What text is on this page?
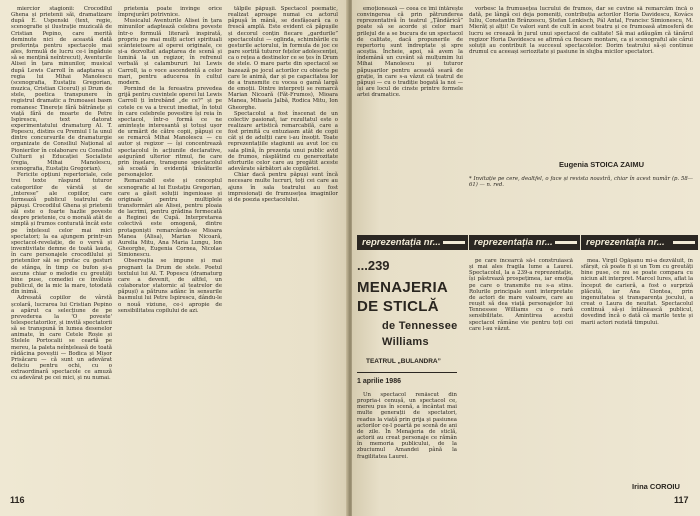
miercior stagionii: Crocodilul Ghena și prietenii săi, dramatizare după E. Uspenski (text, regie, scenografie și ilustrație muzicală de Cristian Pepino, care merită deminute nici de această dată preferința pentru spectacole mai ales, formulă de lucru ce-i îngăduie să se mențină neîntrecut), Aventurile Alisei în țara minunilor, musical după Lewis Carroll în adaptarea și regia lui Mihai Manolescu (scenografia, Eustațiu Gregorian, muzica, Cristian Cicerul) și Drum de stele, poetica transpunere în registrul dramatic a frumoasei basm romanesc Tinerețe fără bătrânețe și viață fără de moarte de Petre Ispirescu, text datorat experimentatului dramaturg Al. T. Popescu, distins cu Premiul I la unul dintre concursurile de dramaturgie organizate de Consiliul Național al Pionierilor în colaborare cu Consiliul Culturii și Educației Socialiste (regia, Mihai Manolescu, scenografia, Eustațiu Gregorian).

Fericite opțiuni repertoriale, cele trei texte răspund tuturor categoriilor de vârstă și de „interese” ale copiilor, care formează publicul teatrului de păpuși. Crocodilul Ghena și prietenii săi este o foarte hazlie poveste despre prietenie, cu o morală atât de simplă și frumos conturată încât este pe înțelesul celor mai mici spectatori; la ea ajungem printr-un spectacol-revelație, de o vervă și inventivitate demne de toată lauda, în care personajele crocodilului și prietenilor săi se prefac cu gesturi de stânga, în timp ce bufon și-a ascuns chiar o melodie cu greutăți bine puse, comediei ce învăluie publicul, de la mic la mare, totodată din inimă.

Adresată copiilor de vârstă școlară, lucrarea lui Cristian Pepino a apărut ca selecțiune de pe prevederea la 'O poveste' telespectatorilor, și invită spectatorii să se transpună în lumea desenelor animate, în care Cetele Roșie și Stelele Portocalii se ceartă pe mereu, la paleta neînțeleasă de toată rădăcina poveștii — Bodica și Mișor Prisăcaru — că sunt un adevărat deliciu pentru ochi, cu o extraordinară spectacole ce amuză cu adevărat pe cei mici, și nu numai.

prietenia poate învinge orice împrejurări potrivnice.

Musicalul Aventurile Alisei în țara minunilor adaptează celebra poveste într-o formulă literară inspirată, propriu pe mai mulți actori spirituali scânteietoare al operei originale, ce și-a dezvoltat adaptarea de scenă și lumină la un regizor, în refrenul verbală și calambururi lui Lewis Carroll, ia o voce ascendentă a celor mari, pentru aducerea în cultul modern.

Pornind de la fereastra prevedea grijă pentru cuvintele operei lui Lewis Carroll ți întrebând „de ce?” și pe cotele ce va a trecut imediat, în totul în care celebrele povestire își reia în spectacol, într-o formă ce ne amintește interesantă și totuși ușor de urmărit de către copii, păpuși ce se remarcă Mihai Manolescu — cu autor și regizor — își concentrează spectacolul în acțiunile declarative, asigurând ulterior ritmul, fie care prin înșelare, transpune spectacolul să scoată în evidență trăsăturile personajelor.

Remarcabil este și conceptul scenografic al lui Eustațiu Gregorian, care a găsit soluții ingenioase și originale pentru multiplele transformări ale Alisei, pentru ploaia de lacrimi, pentru grădina fermecată a Reginei de Cupă. Interpretarea colectivă este omogenă, dintre protagoniști remarcându-se Mioara Manea (Alisa), Marian Nicoară, Aurelia Mitu, Ana Maria Lungu, Ion Gheorghe, Eugenia Cornea, Nicolae Simionescu.

Observația se impune și mai pregnant la Drum de stele. Poetul textului lui Al. T. Popescu (dramaturg care a devenit, de altfel, un colaborator statornic al teatrelor de păpuși) a pătruns adânc în sensurile basmului lui Petre Ispirescu, dându-le o nouă viziune, ce-i apropie de sensibilitatea copilului de azi.

tălpile păpușii. Spectacol poematic, realizat aproape numai cu actorul păpușă în mână, se desfășoară ca o frescă amplă. Este evident că păpușile și decorul conțin fiecare „gardurile” spectacolului — oglinda, schimbările cu gesturile actorului, în formula de joc ce pare sortită tuturor fețelor adolescenței, ca o rețea a destinelor ce se țes în Drum de stele. O mare parte din spectacol se bazează pe jocul actorilor cu obiecte pe care le animă, dar și pe capacitatea lor de a transmite cu vocea o gamă largă de emoții. Dintre interpreți se remarcă Marian Nicoară (Făt-Frumos), Mioara Manea, Mihaela Jalbă, Rodica Mitu, Ion Gheorghe.

Spectacolul a fost înscenat de un colectiv pasionat, iar rezultatul este o realizare artistică remarcabilă, care a fost primită cu entuziasm atât de copii cât și de adulții care i-au însoțit. Toate reprezentațiile stagiunii au avut loc cu sala plină, în prezența unui public avid de frumos, răsplătind cu generozitate eforturile celor care au pregătit aceste adevărate sărbători ale copilăriei.

Chiar dacă pentru păpuși sunt încă necesare multe lucruri, toți cei care au ajuns în sala teatrului au fost impresionați de frumusețea imaginilor și de poezia spectacolului.

116

emoționează — ceea ce îmi întărește convingerea că prin pătrunderea reprezentativă în teatrul „Țăndărică” poate să se acorde și celor mari prilejul de a se bucura de un spectacol de calitate, dacă propunerile de repertoriu sunt îndreptate și spre aceștia. Încheie, apoi, să avem la îndemână un cuvânt să mulțumim lui Mihai Manolescu și tuturor păpușarilor pentru această seară de grație, în care s-a văzut că teatrul de păpuși — cu o tradiție bogată la noi — își are locul de cinste printre formele artei dramatice.

vorbesc la frumusețea lucrului de frumos, dar se cuvine să remarcăm încă o dată, pe lângă cei deja pomeniți, contribuția actorilor Horia Davidescu, Kovács Iuliu, Constantin Brânzescu, Ștefan Lenkisch, Pál Antal, Francisc Simionescu, M. Mierăț și alții! Ce valori sunt de cult în acest teatru și ce frumoasă atmosferă de lucru se creează în jurul unui spectacol de calitate! Să mai adăugăm că tânărul regizor Horia Davidescu se afirmă cu fiecare montare, ca și scenograful ale cărui soluții au contribuit la succesul spectacolelor. Dorim teatrului să-și continue drumul cu aceeași seriozitate și pasiune în slujba micilor spectatori.

Eugenia STOICA ZAIMU
* Invitație pe cere, dealtfel, o face și revista noastră, chiar în acest număr (p. 58—61) — n. red.
reprezentația nr...	reprezentația nr...	reprezentația nr...
...239
MENAJERIA
DE STICLĂ
de Tennessee
Williams
TEATRUL „BULANDRA”
1 aprilie 1986

Un spectacol renăscut din propria-i cenușă, un spectacol ce, mereu pus în scenă, a încântat mai multe generații de spectatori, readus la viață prin grija și pasiunea actorilor ce-l poartă pe scenă de ani de zile. În Menajeria de sticlă, actorii au creat personaje ce rămân în memoria publicului, de la zbuciumul Amandei până la fragilitatea Laurei.

pe care încearcă să-i construiască și mai ales fragila lume a Laurei. Spectacolul, la a 239-a reprezentație, își păstrează prospețimea, iar emoția pe care o transmite nu s-a stins. Rolurile principale sunt interpretate de actori de mare valoare, care au reușit să dea viață personajelor lui Tennessee Williams cu o rară sensibilitate. Amintirea acestui spectacol rămâne vie pentru toți cei care l-au văzut.

mea. Virgil Ogășanu mi-a dezvăluit, în sfârșit, că poate fi și un Tom cu greutăți bine puse, ce nu se poate compara cu niciun alt interpret. Marcel Iures, aflat la început de carieră, a fost o surpriză plăcută, iar Ana Ciontea, prin ingenuitatea și transparența jocului, a creat o Laura de neuitat. Spectacolul continuă să-și întâlnească publicul, dovedind încă o dată că marile texte și marii actori rezistă timpului.

Irina COROIU
117
